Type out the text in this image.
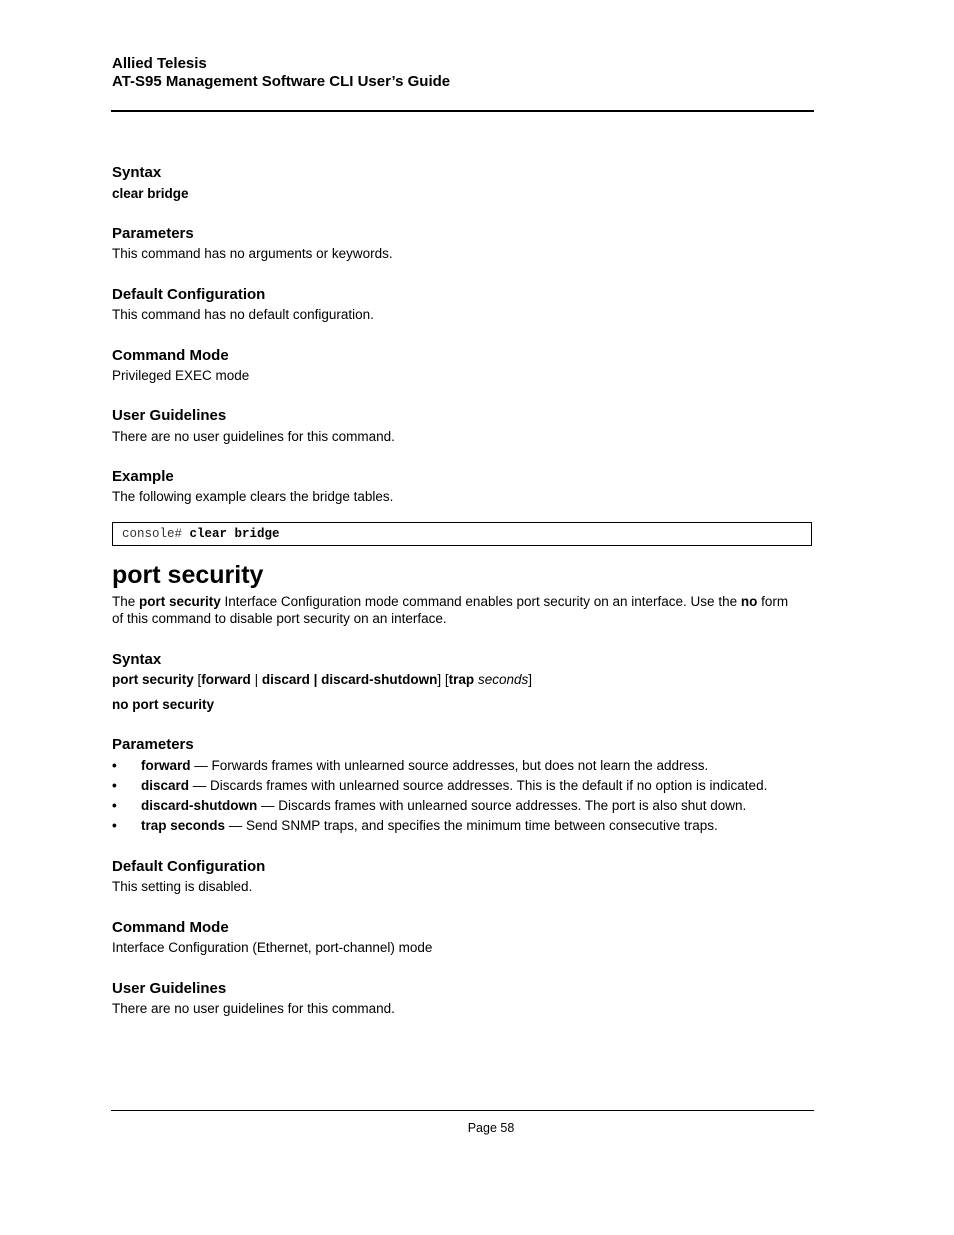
Allied Telesis
AT-S95 Management Software CLI User’s Guide
Syntax
clear bridge
Parameters
This command has no arguments or keywords.
Default Configuration
This command has no default configuration.
Command Mode
Privileged EXEC mode
User Guidelines
There are no user guidelines for this command.
Example
The following example clears the bridge tables.
console# clear bridge
port security
The port security Interface Configuration mode command enables port security on an interface. Use the no form
of this command to disable port security on an interface.
Syntax
port security [forward | discard | discard-shutdown] [trap seconds]
no port security
Parameters
• forward — Forwards frames with unlearned source addresses, but does not learn the address.
• discard — Discards frames with unlearned source addresses. This is the default if no option is indicated.
• discard-shutdown — Discards frames with unlearned source addresses. The port is also shut down.
• trap seconds — Send SNMP traps, and specifies the minimum time between consecutive traps.
Default Configuration
This setting is disabled.
Command Mode
Interface Configuration (Ethernet, port-channel) mode
User Guidelines
There are no user guidelines for this command.
Page 58
